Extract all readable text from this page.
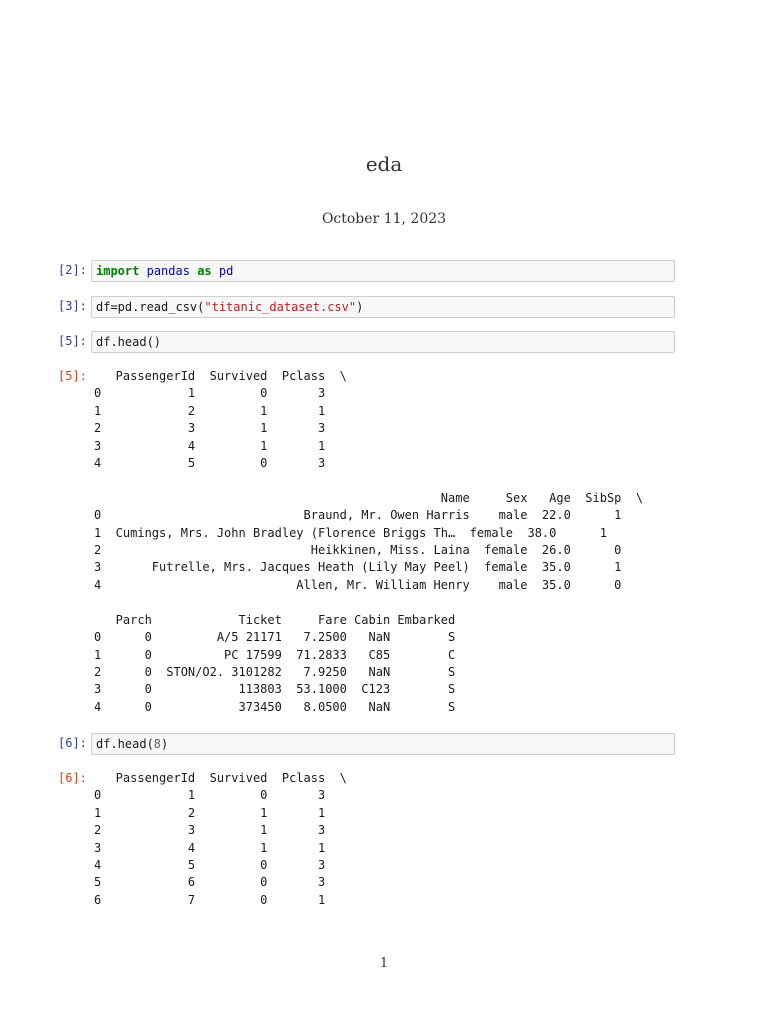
eda
October 11, 2023
[2]: import pandas as pd
[3]: df=pd.read_csv("titanic_dataset.csv")
[5]: df.head()
[5]:	PassengerId  Survived  Pclass  \
0            1         0       3
1            2         1       1
2            3         1       3
3            4         1       1
4            5         0       3

Name     Sex   Age  SibSp  \
0                            Braund, Mr. Owen Harris    male  22.0      1
1  Cumings, Mrs. John Bradley (Florence Briggs Th…  female  38.0      1
2                             Heikkinen, Miss. Laina  female  26.0      0
3       Futrelle, Mrs. Jacques Heath (Lily May Peel)  female  35.0      1
4                           Allen, Mr. William Henry    male  35.0      0

Parch            Ticket     Fare Cabin Embarked
0      0         A/5 21171   7.2500   NaN        S
1      0          PC 17599  71.2833   C85        C
2      0  STON/O2. 3101282   7.9250   NaN        S
3      0            113803  53.1000  C123        S
4      0            373450   8.0500   NaN        S
[6]: df.head(8)
[6]:	PassengerId  Survived  Pclass  \
0            1         0       3
1            2         1       1
2            3         1       3
3            4         1       1
4            5         0       3
5            6         0       3
6            7         0       1
1
